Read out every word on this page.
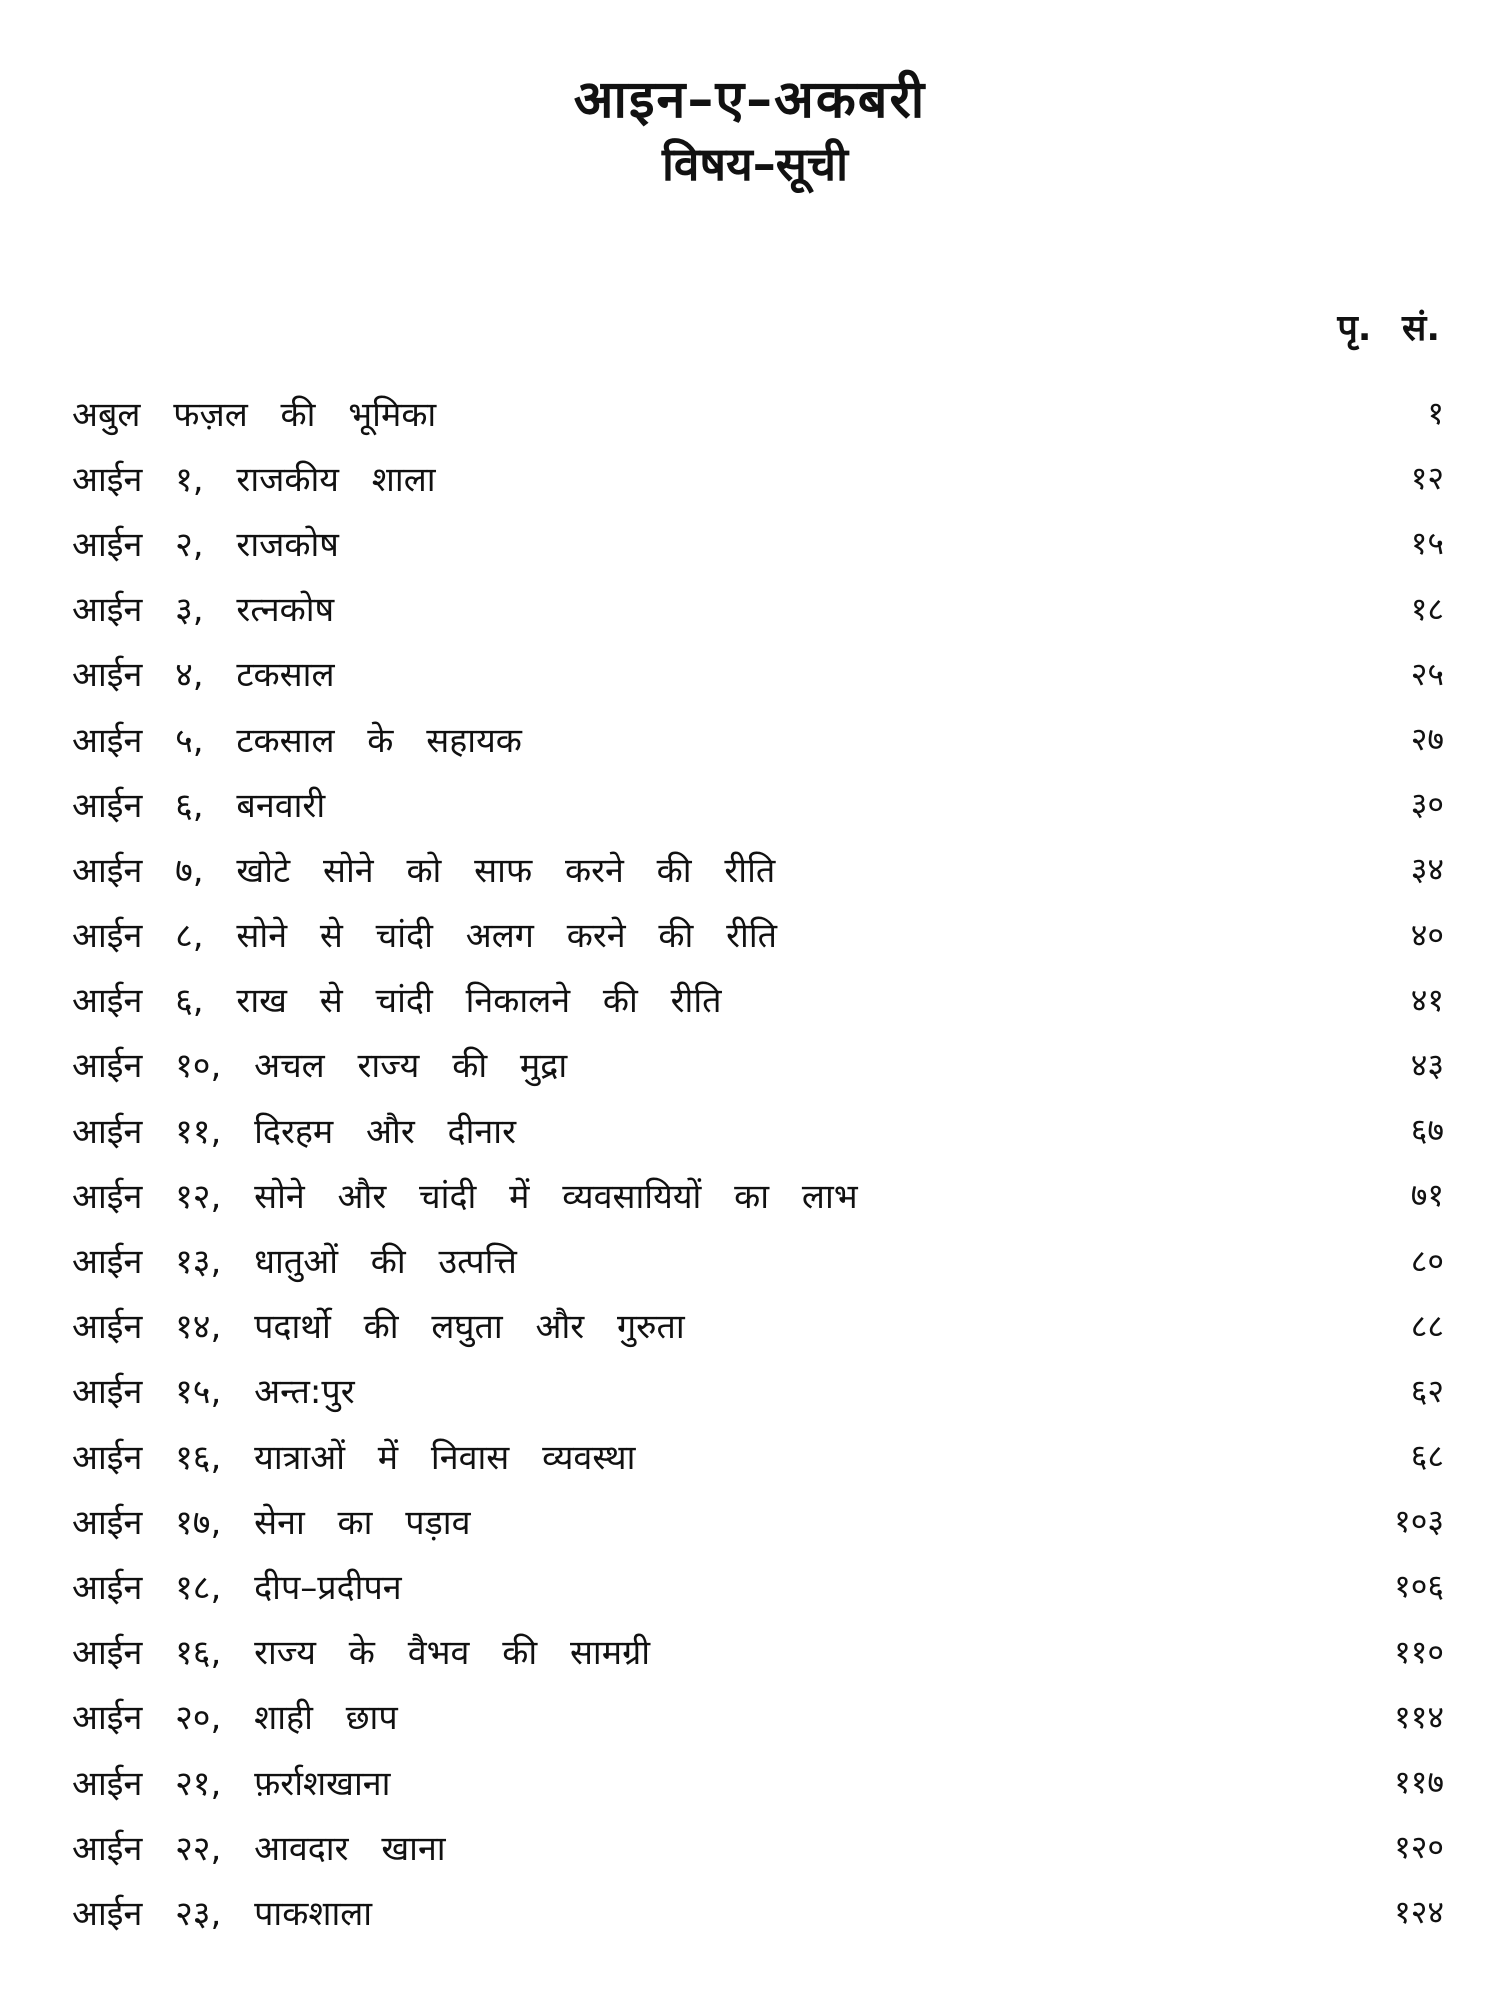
आइन–ए–अकबरी
विषय–सूची
पृ. सं.
अबुल फज़ल की भूमिका	१
आईन १, राजकीय शाला	१२
आईन २, राजकोष	१५
आईन ३, रत्नकोष	१८
आईन ४, टकसाल	२५
आईन ५, टकसाल के सहायक	२७
आईन ६, बनवारी	३०
आईन ७, खोटे सोने को साफ करने की रीति	३४
आईन ८, सोने से चांदी अलग करने की रीति	४०
आईन ६, राख से चांदी निकालने की रीति	४१
आईन १०, अचल राज्य की मुद्रा	४३
आईन ११, दिरहम और दीनार	६७
आईन १२, सोने और चांदी में व्यवसायियों का लाभ	७१
आईन १३, धातुओं की उत्पत्ति	८०
आईन १४, पदार्थो की लघुता और गुरुता	८८
आईन १५, अन्त:पुर	६२
आईन १६, यात्राओं में निवास व्यवस्था	६८
आईन १७, सेना का पड़ाव	१०३
आईन १८, दीप–प्रदीपन	१०६
आईन १६, राज्य के वैभव की सामग्री	११०
आईन २०, शाही छाप	११४
आईन २१, फ़र्राशखाना	११७
आईन २२, आवदार खाना	१२०
आईन २३, पाकशाला	१२४
